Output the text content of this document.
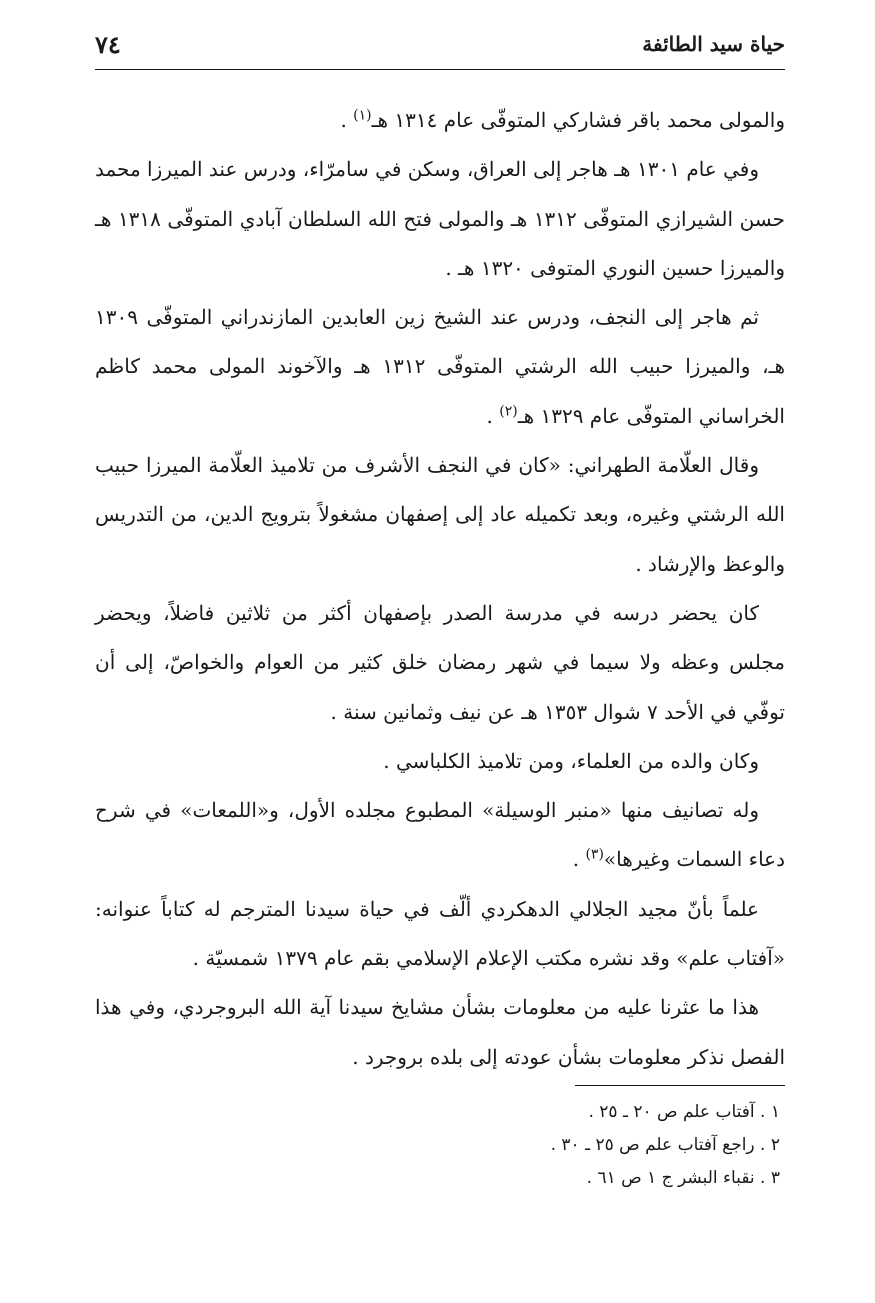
حياة سيد الطائفة
٧٤

والمولى محمد باقر فشاركي المتوفّى عام ١٣١٤ هـ$^{(١)}$ .

وفي عام ١٣٠١ هـ هاجر إلى العراق، وسكن في سامرّاء، ودرس عند الميرزا محمد حسن الشيرازي المتوفّى ١٣١٢ هـ والمولى فتح الله السلطان آبادي المتوفّى ١٣١٨ هـ والميرزا حسين النوري المتوفى ١٣٢٠ هـ .

ثم هاجر إلى النجف، ودرس عند الشيخ زين العابدين المازندراني المتوفّى ١٣٠٩ هـ، والميرزا حبيب الله الرشتي المتوفّى ١٣١٢ هـ والآخوند المولى محمد كاظم الخراساني المتوفّى عام ١٣٢٩ هـ$^{(٢)}$ .

وقال العلّامة الطهراني: «كان في النجف الأشرف من تلاميذ العلّامة الميرزا حبيب الله الرشتي وغيره، وبعد تكميله عاد إلى إصفهان مشغولاً بترويج الدين، من التدريس والوعظ والإرشاد .

كان يحضر درسه في مدرسة الصدر بإصفهان أكثر من ثلاثين فاضلاً، ويحضر مجلس وعظه ولا سيما في شهر رمضان خلق كثير من العوام والخواصّ، إلى أن توفّي في الأحد ٧ شوال ١٣٥٣ هـ عن نيف وثمانين سنة .

وكان والده من العلماء، ومن تلاميذ الكلباسي .

وله تصانيف منها «منبر الوسيلة» المطبوع مجلده الأول، و«اللمعات» في شرح دعاء السمات وغيرها»$^{(٣)}$ .

علماً بأنّ مجيد الجلالي الدهكردي ألّف في حياة سيدنا المترجم له كتاباً عنوانه: «آفتاب علم» وقد نشره مكتب الإعلام الإسلامي بقم عام ١٣٧٩ شمسيّة .

هذا ما عثرنا عليه من معلومات بشأن مشايخ سيدنا آية الله البروجردي، وفي هذا الفصل نذكر معلومات بشأن عودته إلى بلده بروجرد .

١ . آفتاب علم ص ٢٠ ـ ٢٥ .

٢ . راجع آفتاب علم ص ٢٥ ـ ٣٠ .

٣ . نقباء البشر ج ١ ص ٦١ .
